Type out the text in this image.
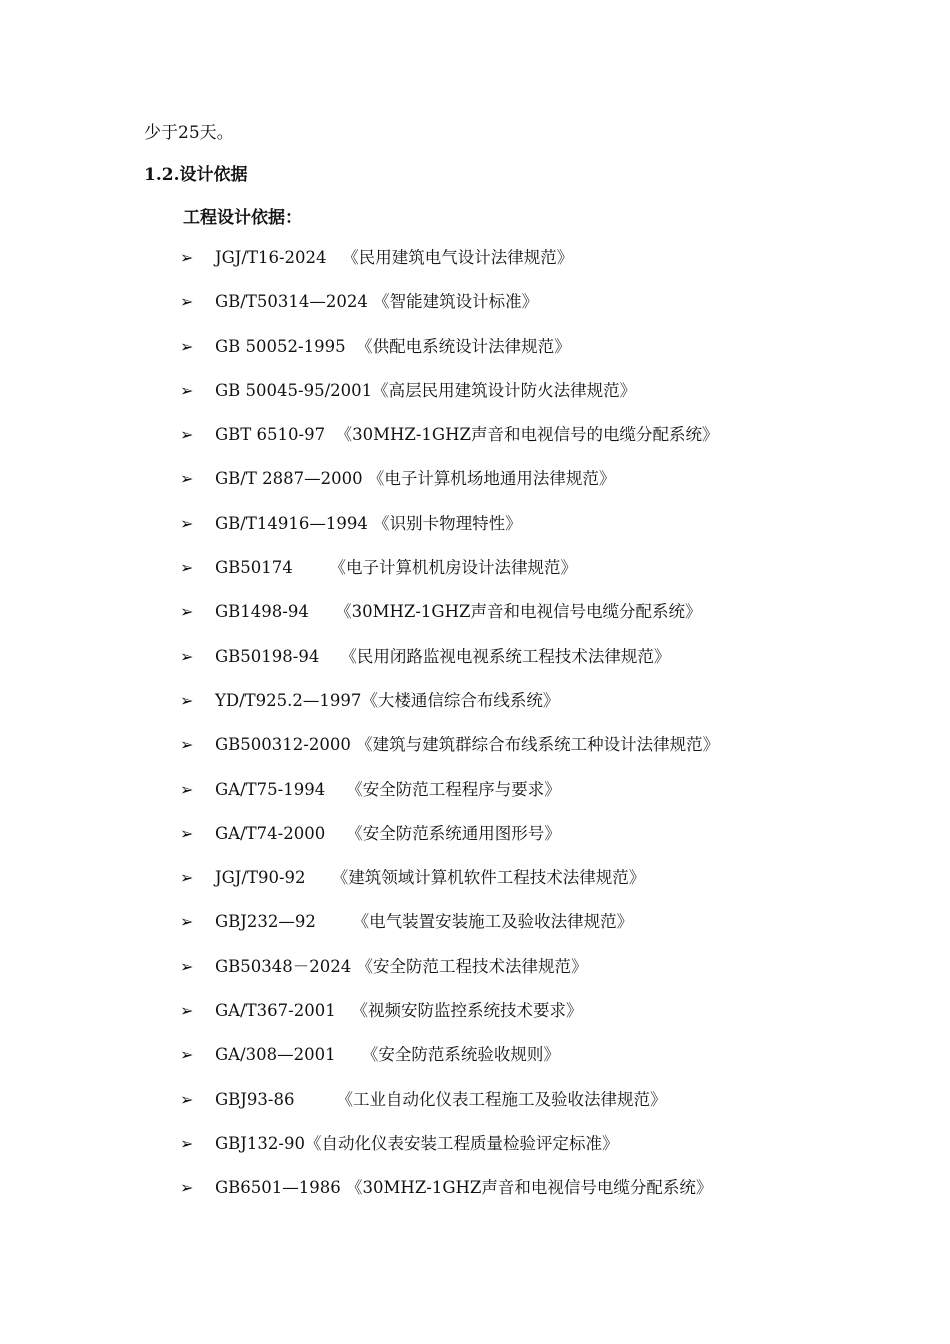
少于25天。
1.2.设计依据
工程设计依据：
➢	JGJ/T16-2024   《民用建筑电气设计法律规范》
➢	GB/T50314—2024 《智能建筑设计标准》
➢	GB 50052-1995  《供配电系统设计法律规范》
➢	GB 50045-95/2001《高层民用建筑设计防火法律规范》
➢	GBT 6510-97  《30MHZ-1GHZ声音和电视信号的电缆分配系统》
➢	GB/T 2887—2000 《电子计算机场地通用法律规范》
➢	GB/T14916—1994 《识别卡物理特性》
➢	GB50174       《电子计算机机房设计法律规范》
➢	GB1498-94     《30MHZ-1GHZ声音和电视信号电缆分配系统》
➢	GB50198-94    《民用闭路监视电视系统工程技术法律规范》
➢	YD/T925.2—1997《大楼通信综合布线系统》
➢	GB500312-2000 《建筑与建筑群综合布线系统工种设计法律规范》
➢	GA/T75-1994    《安全防范工程程序与要求》
➢	GA/T74-2000    《安全防范系统通用图形号》
➢	JGJ/T90-92     《建筑领域计算机软件工程技术法律规范》
➢	GBJ232—92       《电气装置安装施工及验收法律规范》
➢	GB50348－2024 《安全防范工程技术法律规范》
➢	GA/T367-2001   《视频安防监控系统技术要求》
➢	GA/308—2001     《安全防范系统验收规则》
➢	GBJ93-86        《工业自动化仪表工程施工及验收法律规范》
➢	GBJ132-90《自动化仪表安装工程质量检验评定标准》
➢	GB6501—1986 《30MHZ-1GHZ声音和电视信号电缆分配系统》
